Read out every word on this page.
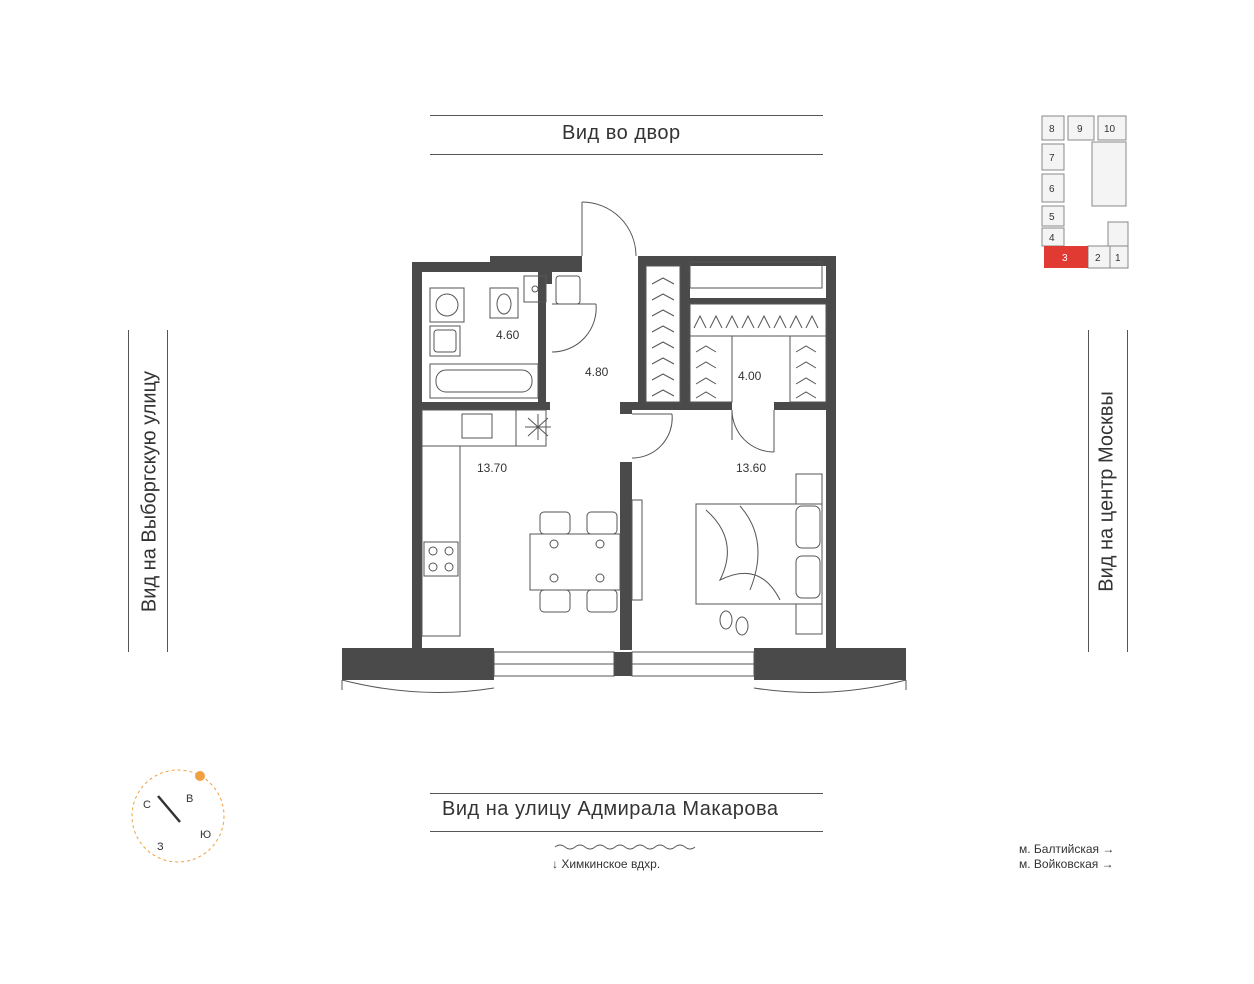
Вид во двор
Вид на улицу Адмирала Макарова
Вид на Выборгскую улицу	Вид на центр Москвы
4.60
4.80	4.00
13.70	13.60
↓ Химкинское вдхр.
м. Балтийская →
м. Войковская →
С	В
Ю
З
8 9 10
7
6
5
4
3	2 1
